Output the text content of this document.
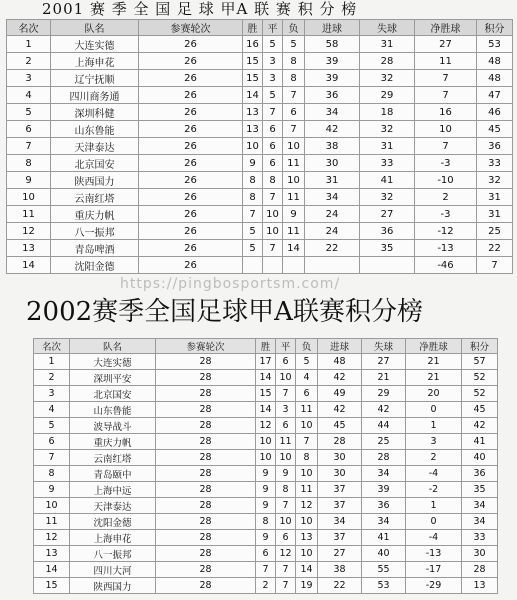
2001 赛 季 全 国 足 球 甲A 联 赛 积 分 榜
名次	队名	参赛轮次	胜	平	负	进球	失球	净胜球	积分
1	大连实德	26	16	5	5	58	31	27	53
2	上海申花	26	15	3	8	39	28	11	48
3	辽宁抚顺	26	15	3	8	39	32	7	48
4	四川商务通	26	14	5	7	36	29	7	47
5	深圳科健	26	13	7	6	34	18	16	46
6	山东鲁能	26	13	6	7	42	32	10	45
7	天津泰达	26	10	6	10	38	31	7	36
8	北京国安	26	9	6	11	30	33	-3	33
9	陕西国力	26	8	8	10	31	41	-10	32
10	云南红塔	26	8	7	11	34	32	2	31
11	重庆力帆	26	7	10	9	24	27	-3	31
12	八一振邦	26	5	10	11	24	36	-12	25
13	青岛啤酒	26	5	7	14	22	35	-13	22
14	沈阳金德	26						-46	7
https://pingbosportsm.com/
2002赛季全国足球甲A联赛积分榜
名次	队名	参赛轮次	胜	平	负	进球	失球	净胜球	积分
1	大连实德	28	17	6	5	48	27	21	57
2	深圳平安	28	14	10	4	42	21	21	52
3	北京国安	28	15	7	6	49	29	20	52
4	山东鲁能	28	14	3	11	42	42	0	45
5	波导战斗	28	12	6	10	45	44	1	42
6	重庆力帆	28	10	11	7	28	25	3	41
7	云南红塔	28	10	10	8	30	28	2	40
8	青岛颐中	28	9	9	10	30	34	-4	36
9	上海中远	28	9	8	11	37	39	-2	35
10	天津泰达	28	9	7	12	37	36	1	34
11	沈阳金德	28	8	10	10	34	34	0	34
12	上海申花	28	9	6	13	37	41	-4	33
13	八一振邦	28	6	12	10	27	40	-13	30
14	四川大河	28	7	7	14	38	55	-17	28
15	陕西国力	28	2	7	19	22	53	-29	13
